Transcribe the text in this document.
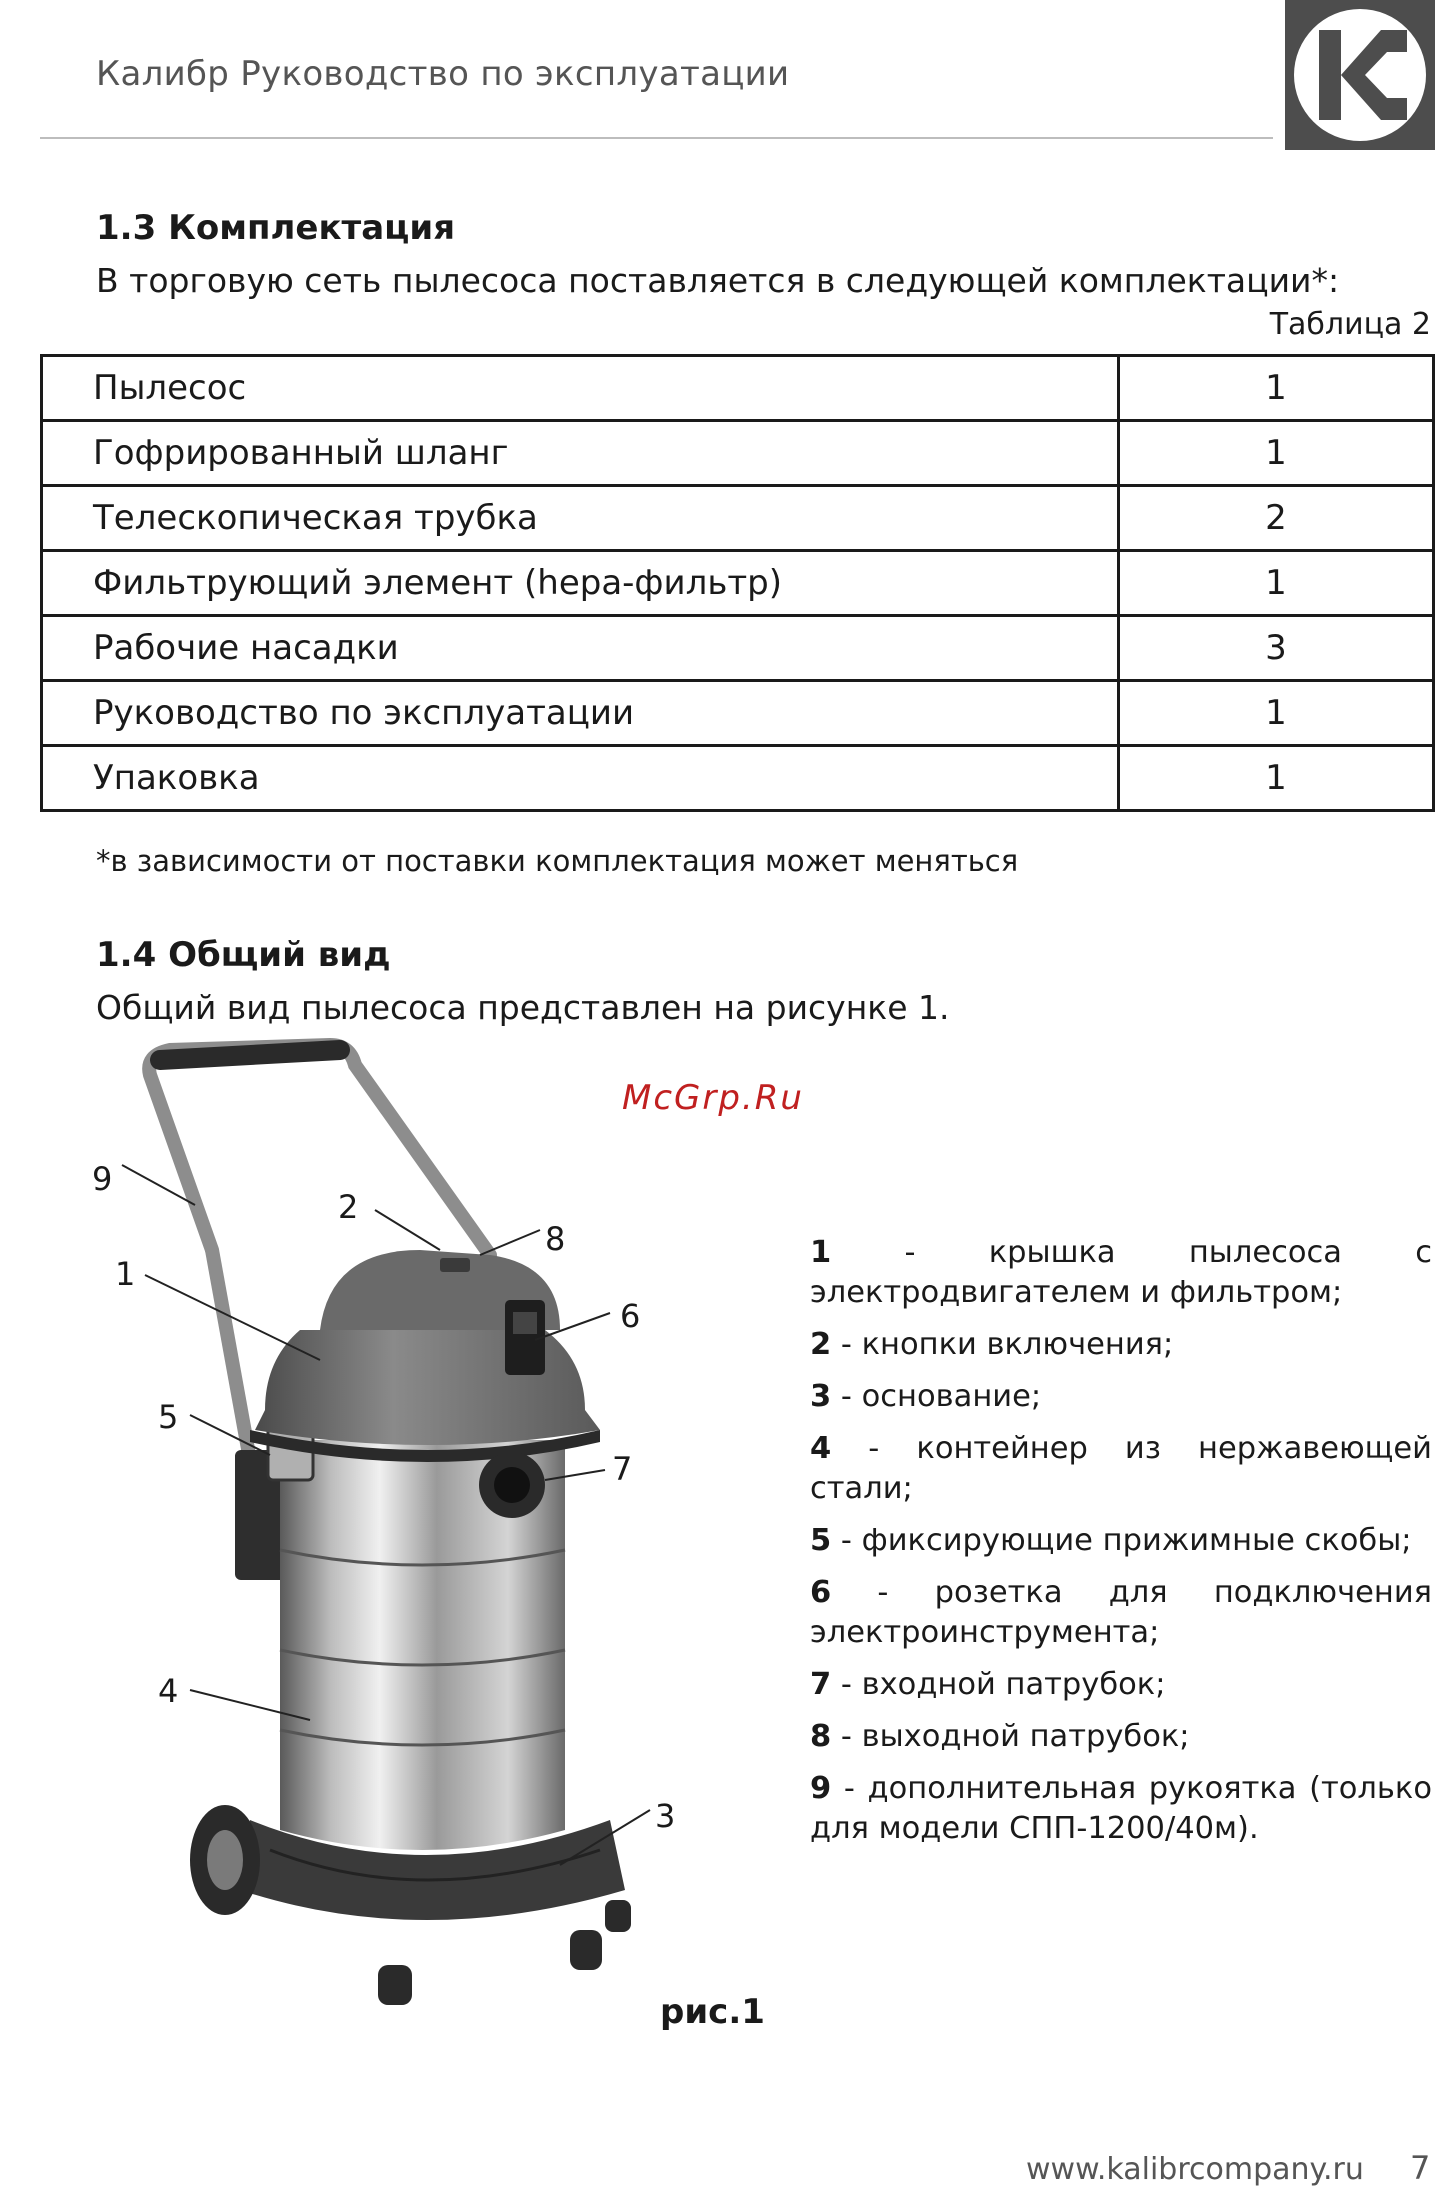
Калибр Руководство по эксплуатации	КАЛИБР
1.3 Комплектация
В торговую сеть пылесоса поставляется в следующей комплектации*:
Таблица 2
Пылесос	1
Гофрированный шланг	1
Телескопическая трубка	2
Фильтрующий элемент (hepa-фильтр)	1
Рабочие насадки	3
Руководство по эксплуатации	1
Упаковка	1
*в зависимости от поставки комплектация может меняться
1.4 Общий вид
Общий вид пылесоса представлен на рисунке 1.
McGrp.Ru
9
2
8
1
6
5
7
4
3

1 - крышка пылесоса с электродвигателем и фильтром;

2 - кнопки включения;

3 - основание;

4 - контейнер из нержавеющей стали;

5 - фиксирующие прижимные скобы;

6 - розетка для подключения электроинструмента;

7 - входной патрубок;

8 - выходной патрубок;

9 - дополнительная рукоятка (только для модели СПП-1200/40м).

рис.1
www.kalibrcompany.ru 7
